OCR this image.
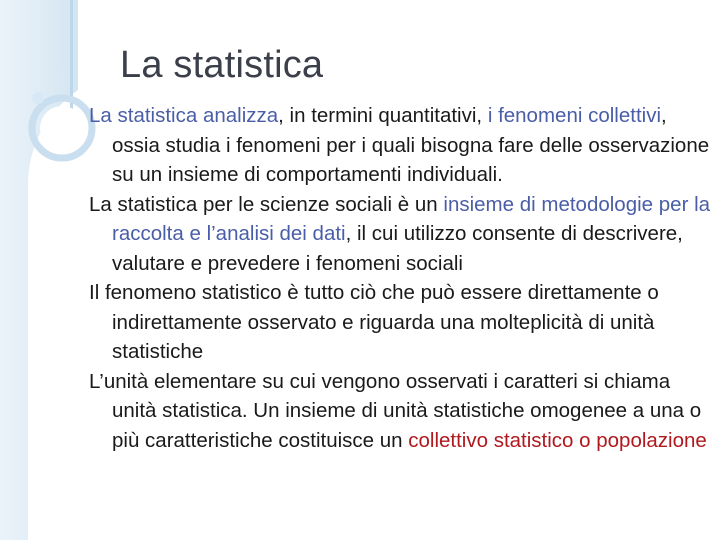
La statistica

La statistica analizza, in termini quantitativi, i fenomeni collettivi, ossia studia i fenomeni per i quali bisogna fare delle osservazione su un insieme di comportamenti individuali.

La statistica per le scienze sociali è un insieme di metodologie per la raccolta e l’analisi dei dati, il cui utilizzo consente di descrivere, valutare e prevedere i fenomeni sociali

Il fenomeno statistico è tutto ciò che può essere direttamente o indirettamente osservato e riguarda una molteplicità di unità statistiche

L’unità elementare su cui vengono osservati i caratteri si chiama unità statistica. Un insieme di unità statistiche omogenee a una o più caratteristiche costituisce un collettivo statistico o popolazione
